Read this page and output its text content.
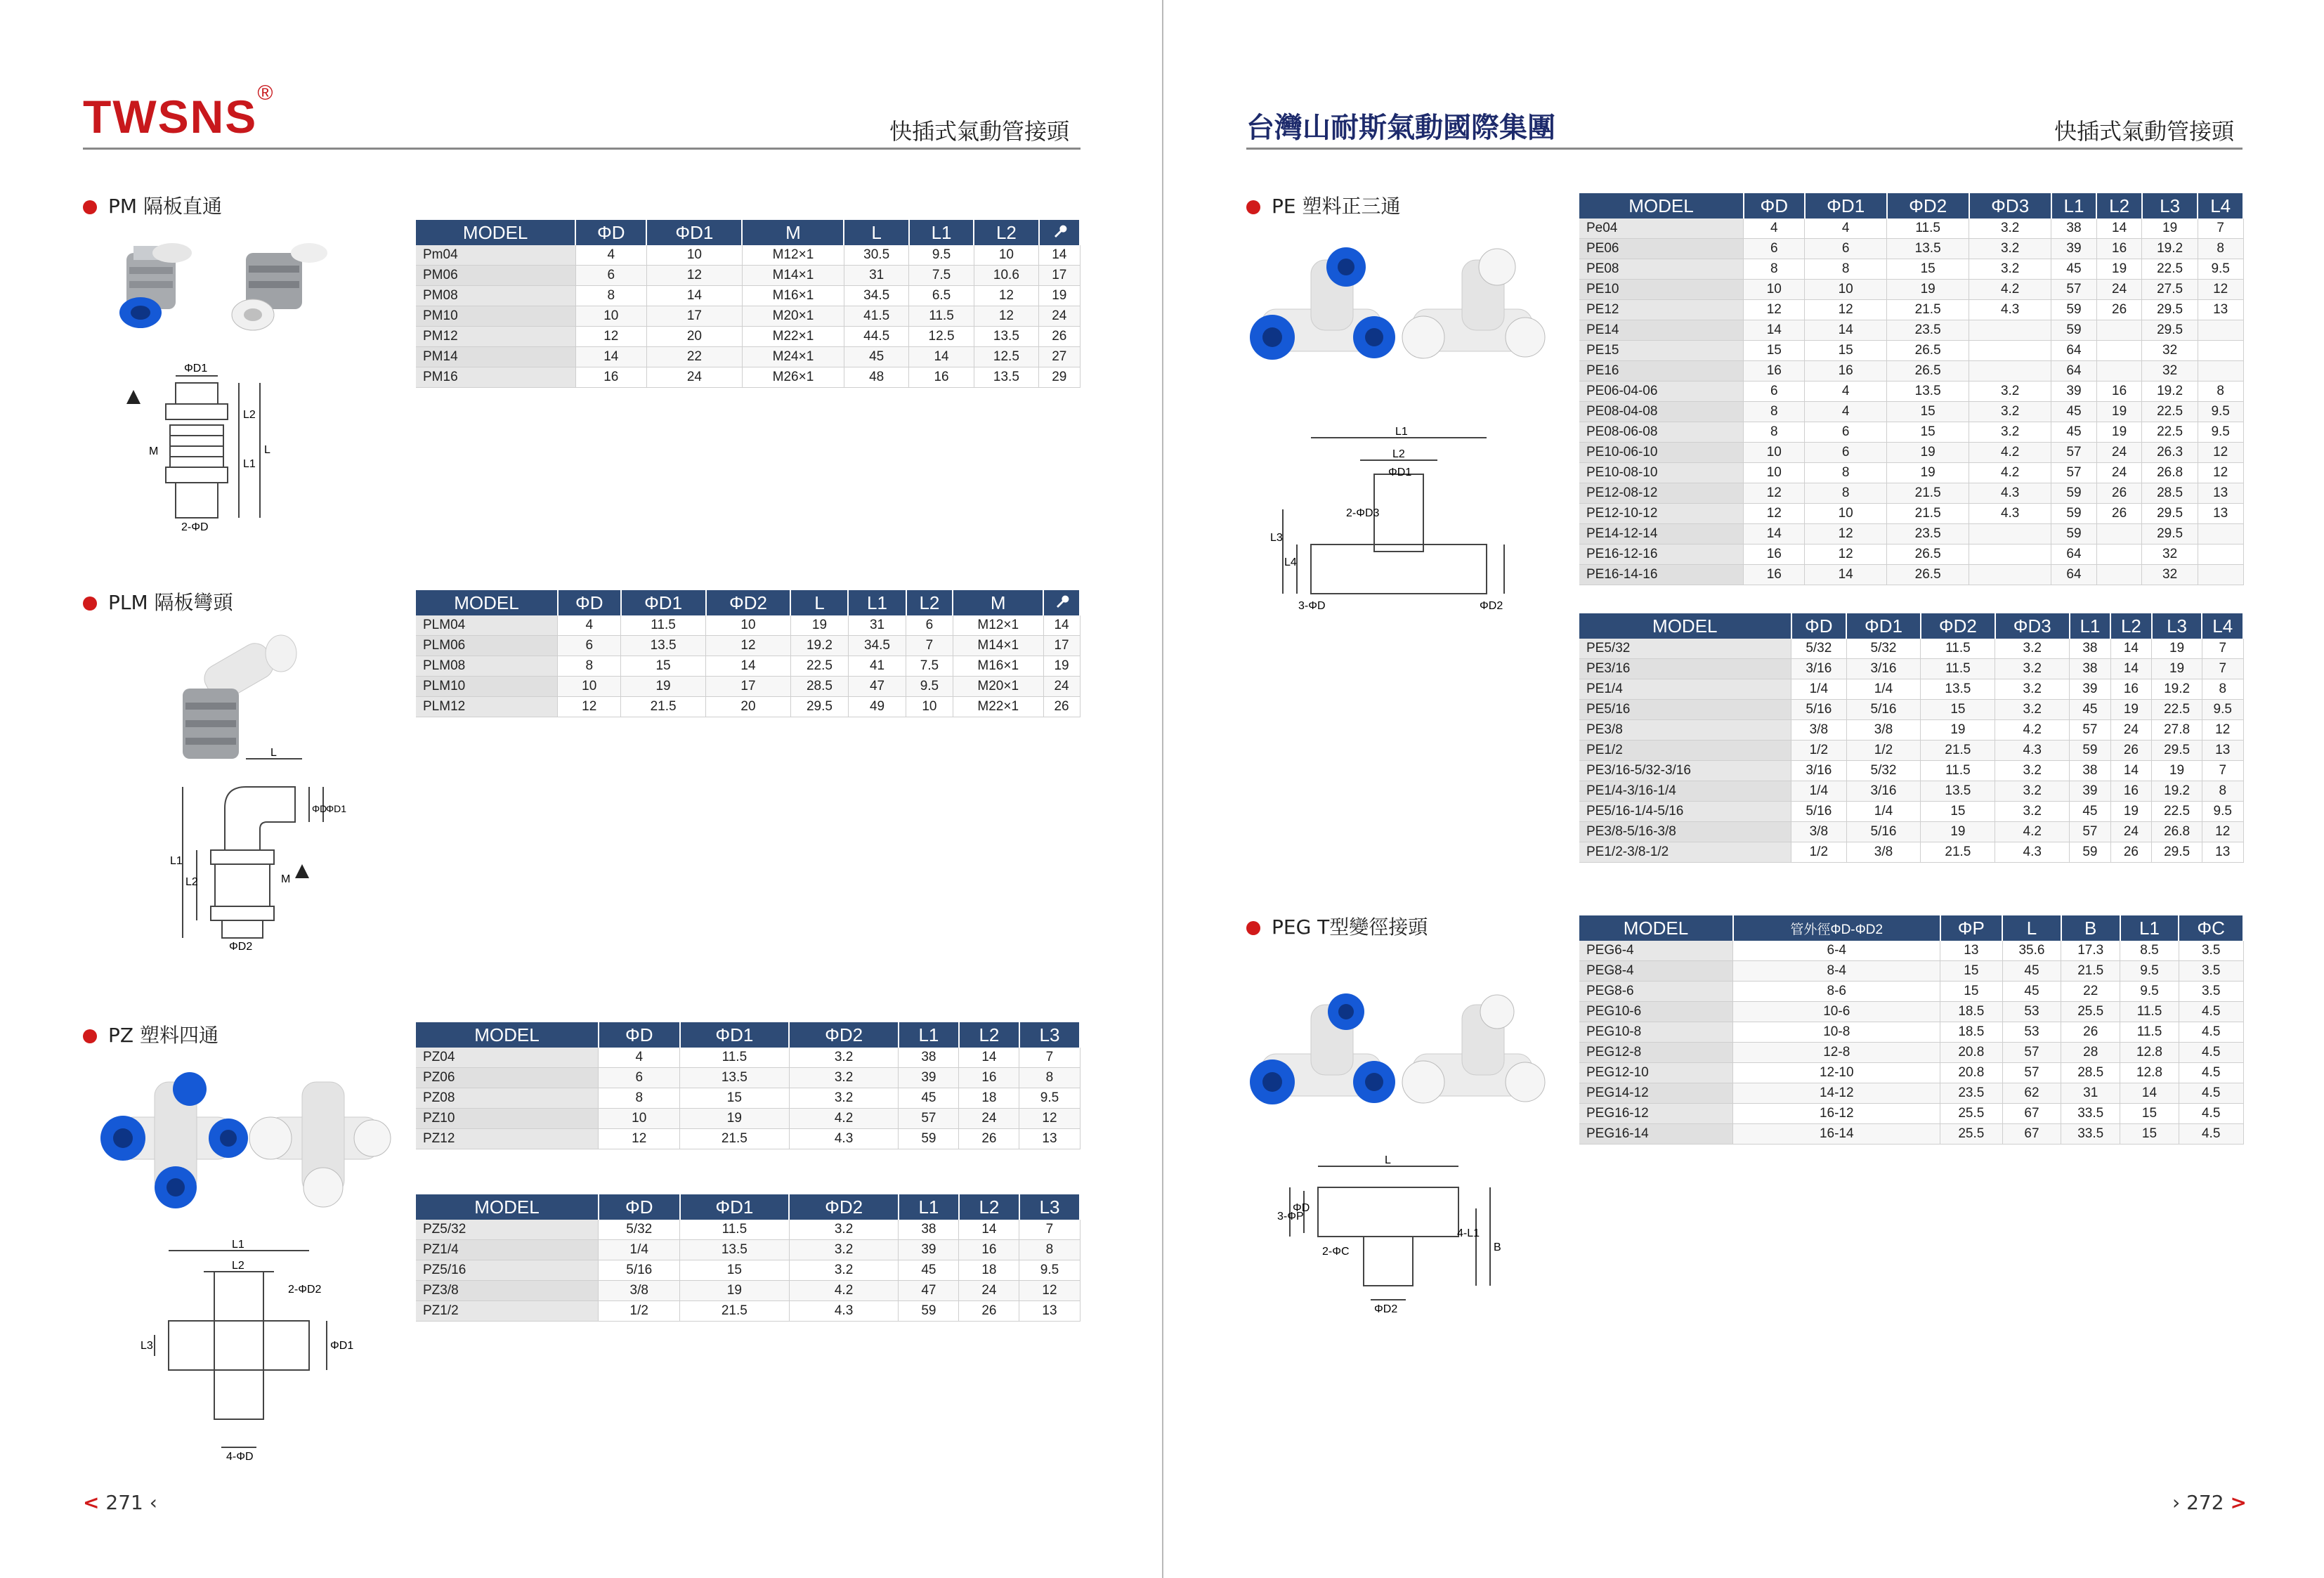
TWSNS®
快插式氣動管接頭
PM 隔板直通
ΦD1
L2
L1
L
M
2-ΦD
MODEL	ΦD	ΦD1	M	L	L1	L2	
Pm04	4	10	M12×1	30.5	9.5	10	14
PM06	6	12	M14×1	31	7.5	10.6	17
PM08	8	14	M16×1	34.5	6.5	12	19
PM10	10	17	M20×1	41.5	11.5	12	24
PM12	12	20	M22×1	44.5	12.5	13.5	26
PM14	14	22	M24×1	45	14	12.5	27
PM16	16	24	M26×1	48	16	13.5	29
PLM 隔板彎頭
L
ΦD
ΦD1
L1
L2	M
ΦD2
MODEL	ΦD	ΦD1	ΦD2	L	L1	L2	M	
PLM04	4	11.5	10	19	31	6	M12×1	14
PLM06	6	13.5	12	19.2	34.5	7	M14×1	17
PLM08	8	15	14	22.5	41	7.5	M16×1	19
PLM10	10	19	17	28.5	47	9.5	M20×1	24
PLM12	12	21.5	20	29.5	49	10	M22×1	26
PZ 塑料四通
L1
L2
2-ΦD2
L3	ΦD1
4-ΦD
MODEL	ΦD	ΦD1	ΦD2	L1	L2	L3
PZ04	4	11.5	3.2	38	14	7
PZ06	6	13.5	3.2	39	16	8
PZ08	8	15	3.2	45	18	9.5
PZ10	10	19	4.2	57	24	12
PZ12	12	21.5	4.3	59	26	13
MODEL	ΦD	ΦD1	ΦD2	L1	L2	L3
PZ5/32	5/32	11.5	3.2	38	14	7
PZ1/4	1/4	13.5	3.2	39	16	8
PZ5/16	5/16	15	3.2	45	18	9.5
PZ3/8	3/8	19	4.2	47	24	12
PZ1/2	1/2	21.5	4.3	59	26	13
< 271 ‹
台灣山耐斯氣動國際集團	快插式氣動管接頭
PE 塑料正三通
L1
L2
ΦD1
2-ΦD3
L3
L4
3-ΦD	ΦD2
MODEL	ΦD	ΦD1	ΦD2	ΦD3	L1	L2	L3	L4
Pe04	4	4	11.5	3.2	38	14	19	7
PE06	6	6	13.5	3.2	39	16	19.2	8
PE08	8	8	15	3.2	45	19	22.5	9.5
PE10	10	10	19	4.2	57	24	27.5	12
PE12	12	12	21.5	4.3	59	26	29.5	13
PE14	14	14	23.5		59		29.5	
PE15	15	15	26.5		64		32	
PE16	16	16	26.5		64		32	
PE06-04-06	6	4	13.5	3.2	39	16	19.2	8
PE08-04-08	8	4	15	3.2	45	19	22.5	9.5
PE08-06-08	8	6	15	3.2	45	19	22.5	9.5
PE10-06-10	10	6	19	4.2	57	24	26.3	12
PE10-08-10	10	8	19	4.2	57	24	26.8	12
PE12-08-12	12	8	21.5	4.3	59	26	28.5	13
PE12-10-12	12	10	21.5	4.3	59	26	29.5	13
PE14-12-14	14	12	23.5		59		29.5	
PE16-12-16	16	12	26.5		64		32	
PE16-14-16	16	14	26.5		64		32	
MODEL	ΦD	ΦD1	ΦD2	ΦD3	L1	L2	L3	L4
PE5/32	5/32	5/32	11.5	3.2	38	14	19	7
PE3/16	3/16	3/16	11.5	3.2	38	14	19	7
PE1/4	1/4	1/4	13.5	3.2	39	16	19.2	8
PE5/16	5/16	5/16	15	3.2	45	19	22.5	9.5
PE3/8	3/8	3/8	19	4.2	57	24	27.8	12
PE1/2	1/2	1/2	21.5	4.3	59	26	29.5	13
PE3/16-5/32-3/16	3/16	5/32	11.5	3.2	38	14	19	7
PE1/4-3/16-1/4	1/4	3/16	13.5	3.2	39	16	19.2	8
PE5/16-1/4-5/16	5/16	1/4	15	3.2	45	19	22.5	9.5
PE3/8-5/16-3/8	3/8	5/16	19	4.2	57	24	26.8	12
PE1/2-3/8-1/2	1/2	3/8	21.5	4.3	59	26	29.5	13
PEG T型變徑接頭
L
3-ΦP
ΦD
2-ΦC
4-L1
B
ΦD2
MODEL	管外徑ΦD-ΦD2	ΦP	L	B	L1	ΦC
PEG6-4	6-4	13	35.6	17.3	8.5	3.5
PEG8-4	8-4	15	45	21.5	9.5	3.5
PEG8-6	8-6	15	45	22	9.5	3.5
PEG10-6	10-6	18.5	53	25.5	11.5	4.5
PEG10-8	10-8	18.5	53	26	11.5	4.5
PEG12-8	12-8	20.8	57	28	12.8	4.5
PEG12-10	12-10	20.8	57	28.5	12.8	4.5
PEG14-12	14-12	23.5	62	31	14	4.5
PEG16-12	16-12	25.5	67	33.5	15	4.5
PEG16-14	16-14	25.5	67	33.5	15	4.5
› 272 >
